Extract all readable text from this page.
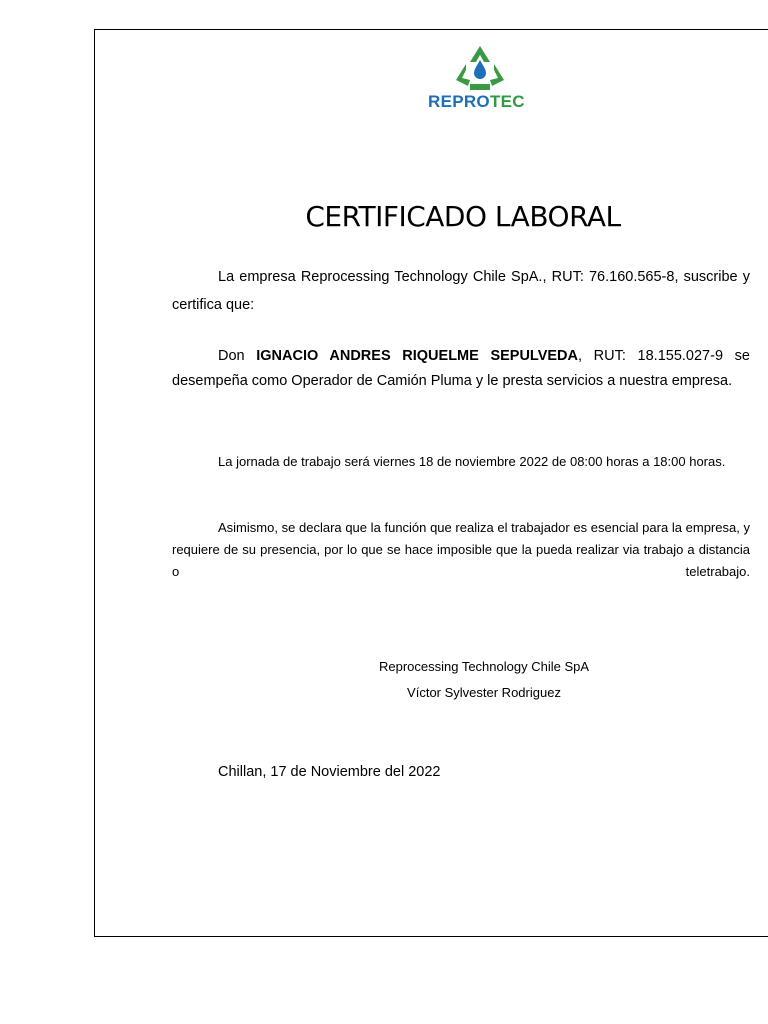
REPROTEC
CERTIFICADO LABORAL
La empresa Reprocessing Technology Chile SpA., RUT: 76.160.565-8, suscribe y certifica que:
Don IGNACIO ANDRES RIQUELME SEPULVEDA, RUT: 18.155.027-9 se desempeña como Operador de Camión Pluma y le presta servicios a nuestra empresa.
La jornada de trabajo será viernes 18 de noviembre 2022 de 08:00 horas a 18:00 horas.
Asimismo, se declara que la función que realiza el trabajador es esencial para la empresa, y requiere de su presencia, por lo que se hace imposible que la pueda realizar via trabajo a distancia o teletrabajo.
Reprocessing Technology Chile SpA
Víctor Sylvester Rodriguez
Chillan, 17 de Noviembre del 2022
